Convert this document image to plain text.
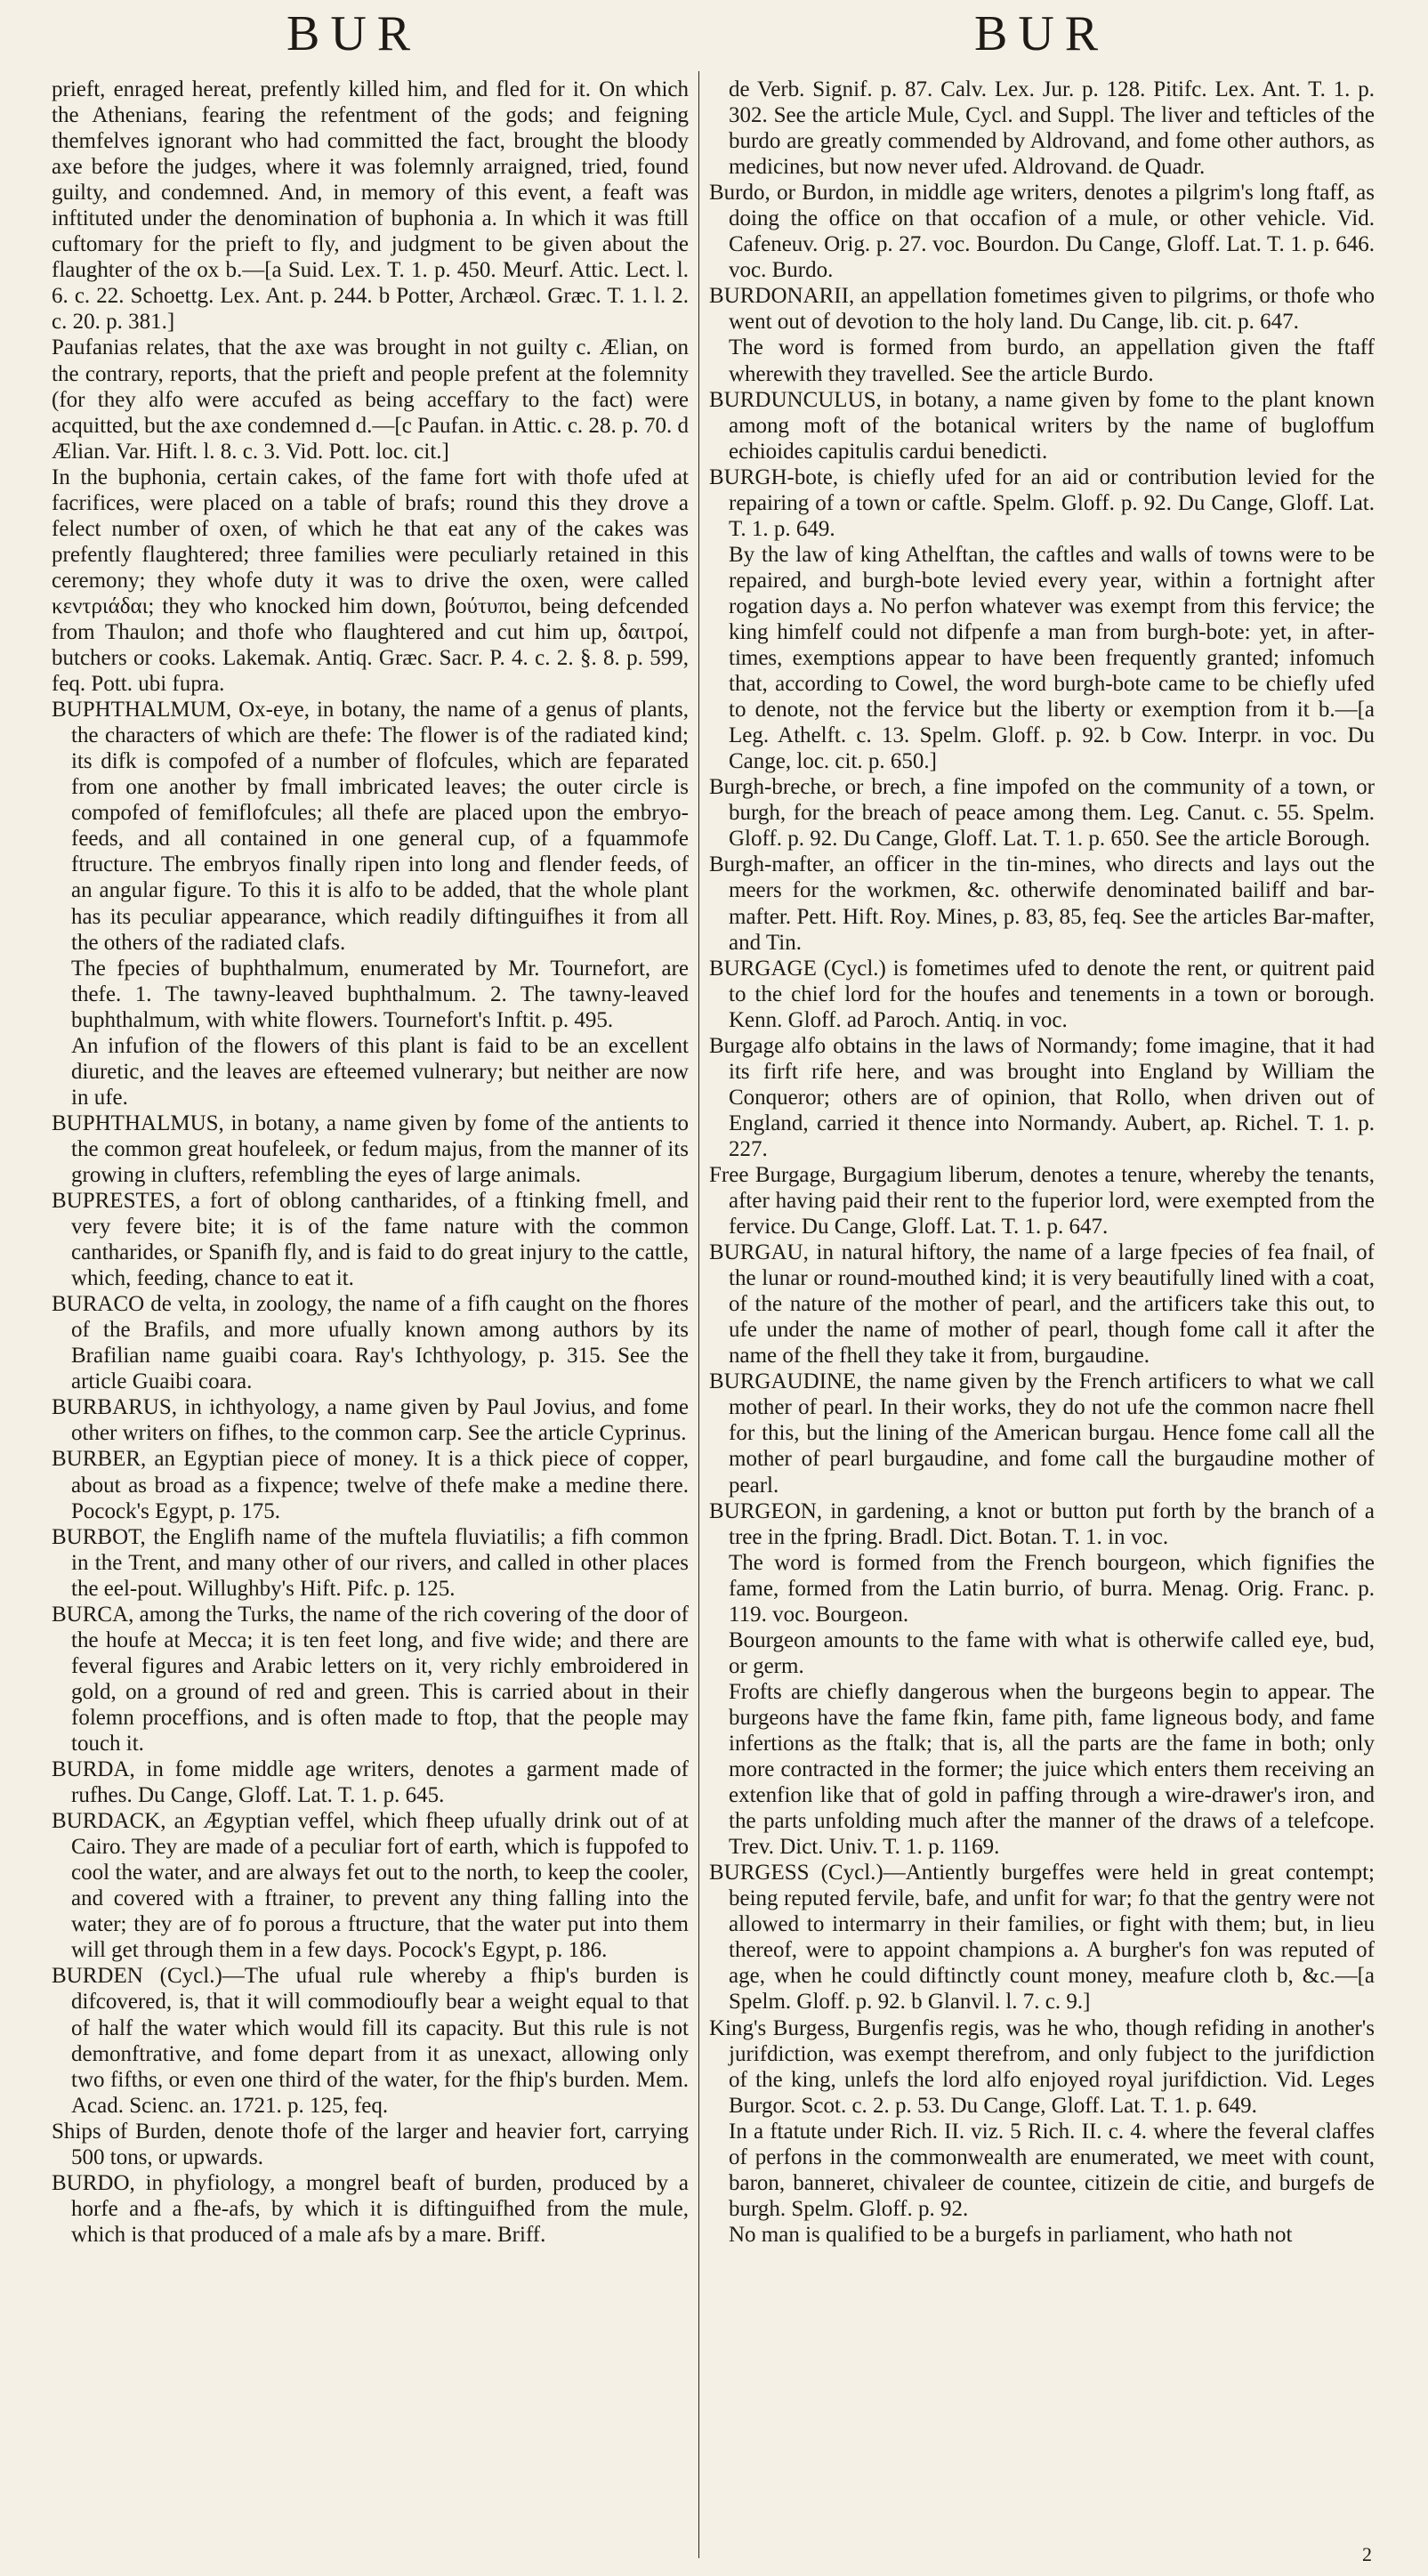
BUR	BUR

prieft, enraged hereat, prefently killed him, and fled for it. On which the Athenians, fearing the refentment of the gods; and feigning themfelves ignorant who had committed the fact, brought the bloody axe before the judges, where it was folemnly arraigned, tried, found guilty, and condemned. And, in memory of this event, a feaft was inftituted under the denomination of buphonia a. In which it was ftill cuftomary for the prieft to fly, and judgment to be given about the flaughter of the ox b.—[a Suid. Lex. T. 1. p. 450. Meurf. Attic. Lect. l. 6. c. 22. Schoettg. Lex. Ant. p. 244. b Potter, Archæol. Græc. T. 1. l. 2. c. 20. p. 381.]

Paufanias relates, that the axe was brought in not guilty c. Ælian, on the contrary, reports, that the prieft and people prefent at the folemnity (for they alfo were accufed as being acceffary to the fact) were acquitted, but the axe condemned d.—[c Paufan. in Attic. c. 28. p. 70. d Ælian. Var. Hift. l. 8. c. 3. Vid. Pott. loc. cit.]

In the buphonia, certain cakes, of the fame fort with thofe ufed at facrifices, were placed on a table of brafs; round this they drove a felect number of oxen, of which he that eat any of the cakes was prefently flaughtered; three families were peculiarly retained in this ceremony; they whofe duty it was to drive the oxen, were called κεντριάδαι; they who knocked him down, βούτυποι, being defcended from Thaulon; and thofe who flaughtered and cut him up, δαιτροί, butchers or cooks. Lakemak. Antiq. Græc. Sacr. P. 4. c. 2. §. 8. p. 599, feq. Pott. ubi fupra.

BUPHTHALMUM, Ox-eye, in botany, the name of a genus of plants, the characters of which are thefe: The flower is of the radiated kind; its difk is compofed of a number of flofcules, which are feparated from one another by fmall imbricated leaves; the outer circle is compofed of femiflofcules; all thefe are placed upon the embryo-feeds, and all contained in one general cup, of a fquammofe ftructure. The embryos finally ripen into long and flender feeds, of an angular figure. To this it is alfo to be added, that the whole plant has its peculiar appearance, which readily diftinguifhes it from all the others of the radiated clafs.

The fpecies of buphthalmum, enumerated by Mr. Tournefort, are thefe. 1. The tawny-leaved buphthalmum. 2. The tawny-leaved buphthalmum, with white flowers. Tournefort's Inftit. p. 495.

An infufion of the flowers of this plant is faid to be an excellent diuretic, and the leaves are efteemed vulnerary; but neither are now in ufe.

BUPHTHALMUS, in botany, a name given by fome of the antients to the common great houfeleek, or fedum majus, from the manner of its growing in clufters, refembling the eyes of large animals.

BUPRESTES, a fort of oblong cantharides, of a ftinking fmell, and very fevere bite; it is of the fame nature with the common cantharides, or Spanifh fly, and is faid to do great injury to the cattle, which, feeding, chance to eat it.

BURACO de velta, in zoology, the name of a fifh caught on the fhores of the Brafils, and more ufually known among authors by its Brafilian name guaibi coara. Ray's Ichthyology, p. 315. See the article Guaibi coara.

BURBARUS, in ichthyology, a name given by Paul Jovius, and fome other writers on fifhes, to the common carp. See the article Cyprinus.

BURBER, an Egyptian piece of money. It is a thick piece of copper, about as broad as a fixpence; twelve of thefe make a medine there. Pocock's Egypt, p. 175.

BURBOT, the Englifh name of the muftela fluviatilis; a fifh common in the Trent, and many other of our rivers, and called in other places the eel-pout. Willughby's Hift. Pifc. p. 125.

BURCA, among the Turks, the name of the rich covering of the door of the houfe at Mecca; it is ten feet long, and five wide; and there are feveral figures and Arabic letters on it, very richly embroidered in gold, on a ground of red and green. This is carried about in their folemn proceffions, and is often made to ftop, that the people may touch it.

BURDA, in fome middle age writers, denotes a garment made of rufhes. Du Cange, Gloff. Lat. T. 1. p. 645.

BURDACK, an Ægyptian veffel, which fheep ufually drink out of at Cairo. They are made of a peculiar fort of earth, which is fuppofed to cool the water, and are always fet out to the north, to keep the cooler, and covered with a ftrainer, to prevent any thing falling into the water; they are of fo porous a ftructure, that the water put into them will get through them in a few days. Pocock's Egypt, p. 186.

BURDEN (Cycl.)—The ufual rule whereby a fhip's burden is difcovered, is, that it will commodioufly bear a weight equal to that of half the water which would fill its capacity. But this rule is not demonftrative, and fome depart from it as unexact, allowing only two fifths, or even one third of the water, for the fhip's burden. Mem. Acad. Scienc. an. 1721. p. 125, feq.

Ships of Burden, denote thofe of the larger and heavier fort, carrying 500 tons, or upwards.

BURDO, in phyfiology, a mongrel beaft of burden, produced by a horfe and a fhe-afs, by which it is diftinguifhed from the mule, which is that produced of a male afs by a mare. Briff.

de Verb. Signif. p. 87. Calv. Lex. Jur. p. 128. Pitifc. Lex. Ant. T. 1. p. 302. See the article Mule, Cycl. and Suppl. The liver and tefticles of the burdo are greatly commended by Aldrovand, and fome other authors, as medicines, but now never ufed. Aldrovand. de Quadr.

Burdo, or Burdon, in middle age writers, denotes a pilgrim's long ftaff, as doing the office on that occafion of a mule, or other vehicle. Vid. Cafeneuv. Orig. p. 27. voc. Bourdon. Du Cange, Gloff. Lat. T. 1. p. 646. voc. Burdo.

BURDONARII, an appellation fometimes given to pilgrims, or thofe who went out of devotion to the holy land. Du Cange, lib. cit. p. 647.

The word is formed from burdo, an appellation given the ftaff wherewith they travelled. See the article Burdo.

BURDUNCULUS, in botany, a name given by fome to the plant known among moft of the botanical writers by the name of bugloffum echioides capitulis cardui benedicti.

BURGH-bote, is chiefly ufed for an aid or contribution levied for the repairing of a town or caftle. Spelm. Gloff. p. 92. Du Cange, Gloff. Lat. T. 1. p. 649.

By the law of king Athelftan, the caftles and walls of towns were to be repaired, and burgh-bote levied every year, within a fortnight after rogation days a. No perfon whatever was exempt from this fervice; the king himfelf could not difpenfe a man from burgh-bote: yet, in after-times, exemptions appear to have been frequently granted; infomuch that, according to Cowel, the word burgh-bote came to be chiefly ufed to denote, not the fervice but the liberty or exemption from it b.—[a Leg. Athelft. c. 13. Spelm. Gloff. p. 92. b Cow. Interpr. in voc. Du Cange, loc. cit. p. 650.]

Burgh-breche, or brech, a fine impofed on the community of a town, or burgh, for the breach of peace among them. Leg. Canut. c. 55. Spelm. Gloff. p. 92. Du Cange, Gloff. Lat. T. 1. p. 650. See the article Borough.

Burgh-mafter, an officer in the tin-mines, who directs and lays out the meers for the workmen, &c. otherwife denominated bailiff and bar-mafter. Pett. Hift. Roy. Mines, p. 83, 85, feq. See the articles Bar-mafter, and Tin.

BURGAGE (Cycl.) is fometimes ufed to denote the rent, or quitrent paid to the chief lord for the houfes and tenements in a town or borough. Kenn. Gloff. ad Paroch. Antiq. in voc.

Burgage alfo obtains in the laws of Normandy; fome imagine, that it had its firft rife here, and was brought into England by William the Conqueror; others are of opinion, that Rollo, when driven out of England, carried it thence into Normandy. Aubert, ap. Richel. T. 1. p. 227.

Free Burgage, Burgagium liberum, denotes a tenure, whereby the tenants, after having paid their rent to the fuperior lord, were exempted from the fervice. Du Cange, Gloff. Lat. T. 1. p. 647.

BURGAU, in natural hiftory, the name of a large fpecies of fea fnail, of the lunar or round-mouthed kind; it is very beautifully lined with a coat, of the nature of the mother of pearl, and the artificers take this out, to ufe under the name of mother of pearl, though fome call it after the name of the fhell they take it from, burgaudine.

BURGAUDINE, the name given by the French artificers to what we call mother of pearl. In their works, they do not ufe the common nacre fhell for this, but the lining of the American burgau. Hence fome call all the mother of pearl burgaudine, and fome call the burgaudine mother of pearl.

BURGEON, in gardening, a knot or button put forth by the branch of a tree in the fpring. Bradl. Dict. Botan. T. 1. in voc.

The word is formed from the French bourgeon, which fignifies the fame, formed from the Latin burrio, of burra. Menag. Orig. Franc. p. 119. voc. Bourgeon.

Bourgeon amounts to the fame with what is otherwife called eye, bud, or germ.

Frofts are chiefly dangerous when the burgeons begin to appear. The burgeons have the fame fkin, fame pith, fame ligneous body, and fame infertions as the ftalk; that is, all the parts are the fame in both; only more contracted in the former; the juice which enters them receiving an extenfion like that of gold in paffing through a wire-drawer's iron, and the parts unfolding much after the manner of the draws of a telefcope. Trev. Dict. Univ. T. 1. p. 1169.

BURGESS (Cycl.)—Antiently burgeffes were held in great contempt; being reputed fervile, bafe, and unfit for war; fo that the gentry were not allowed to intermarry in their families, or fight with them; but, in lieu thereof, were to appoint champions a. A burgher's fon was reputed of age, when he could diftinctly count money, meafure cloth b, &c.—[a Spelm. Gloff. p. 92. b Glanvil. l. 7. c. 9.]

King's Burgess, Burgenfis regis, was he who, though refiding in another's jurifdiction, was exempt therefrom, and only fubject to the jurifdiction of the king, unlefs the lord alfo enjoyed royal jurifdiction. Vid. Leges Burgor. Scot. c. 2. p. 53. Du Cange, Gloff. Lat. T. 1. p. 649.

In a ftatute under Rich. II. viz. 5 Rich. II. c. 4. where the feveral claffes of perfons in the commonwealth are enumerated, we meet with count, baron, banneret, chivaleer de countee, citizein de citie, and burgefs de burgh. Spelm. Gloff. p. 92.

No man is qualified to be a burgefs in parliament, who hath not

2
